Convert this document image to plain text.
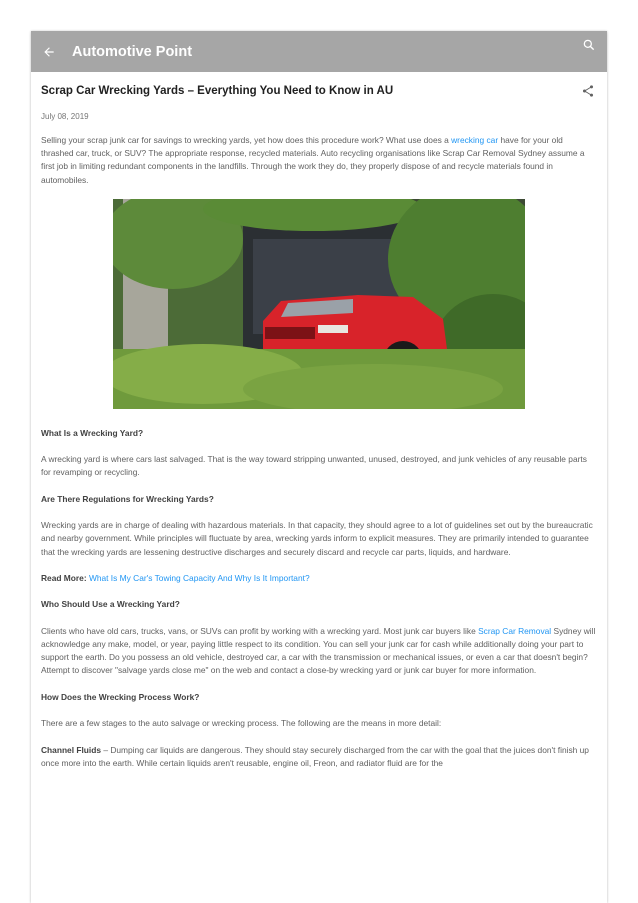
Automotive Point
Scrap Car Wrecking Yards – Everything You Need to Know in AU
July 08, 2019

Selling your scrap junk car for savings to wrecking yards, yet how does this procedure work? What use does a wrecking car have for your old thrashed car, truck, or SUV? The appropriate response, recycled materials. Auto recycling organisations like Scrap Car Removal Sydney assume a first job in limiting redundant components in the landfills. Through the work they do, they properly dispose of and recycle materials found in automobiles.

What Is a Wrecking Yard?

A wrecking yard is where cars last salvaged. That is the way toward stripping unwanted, unused, destroyed, and junk vehicles of any reusable parts for revamping or recycling.

Are There Regulations for Wrecking Yards?

Wrecking yards are in charge of dealing with hazardous materials. In that capacity, they should agree to a lot of guidelines set out by the bureaucratic and nearby government. While principles will fluctuate by area, wrecking yards inform to explicit measures. They are primarily intended to guarantee that the wrecking yards are lessening destructive discharges and securely discard and recycle car parts, liquids, and hardware.

Read More: What Is My Car's Towing Capacity And Why Is It Important?

Who Should Use a Wrecking Yard?

Clients who have old cars, trucks, vans, or SUVs can profit by working with a wrecking yard. Most junk car buyers like Scrap Car Removal Sydney will acknowledge any make, model, or year, paying little respect to its condition. You can sell your junk car for cash while additionally doing your part to support the earth. Do you possess an old vehicle, destroyed car, a car with the transmission or mechanical issues, or even a car that doesn't begin? Attempt to discover "salvage yards close me" on the web and contact a close-by wrecking yard or junk car buyer for more information.

How Does the Wrecking Process Work?

There are a few stages to the auto salvage or wrecking process. The following are the means in more detail:

Channel Fluids – Dumping car liquids are dangerous. They should stay securely discharged from the car with the goal that the juices don't finish up once more into the earth. While certain liquids aren't reusable, engine oil, Freon, and radiator fluid are for the
